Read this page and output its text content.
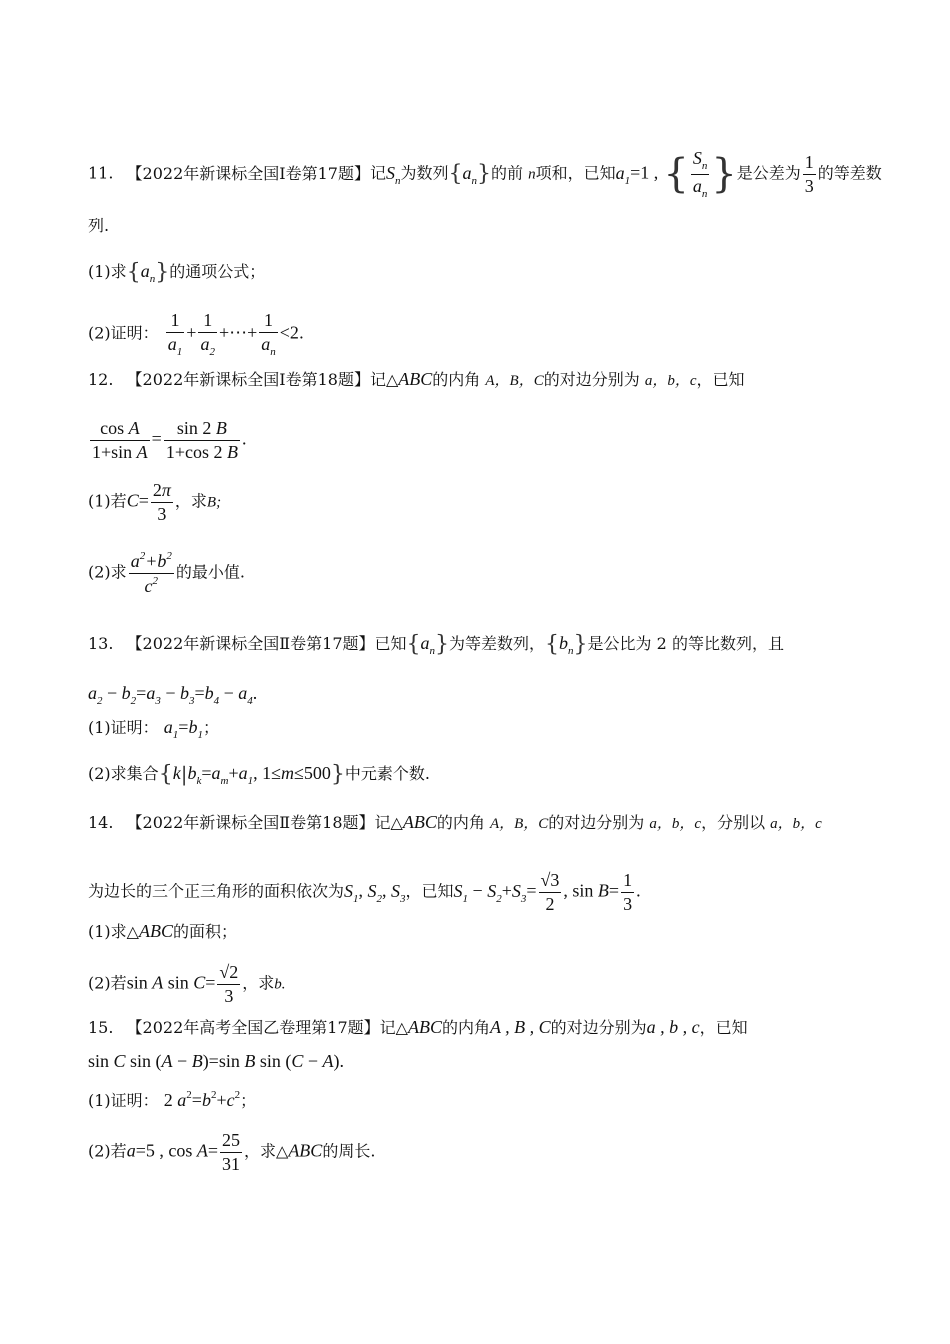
11. 【2022年新课标全国Ⅰ卷第17题】记$S_n$为数列$\{a_n\}$的前 n项和，已知$a_1=1$ , { $\frac{S_n}{a_n}$ }是公差为 $\frac{1}{3}$ 的等差数
列.
(1)求$\{a_n\}$的通项公式；
(2)证明： $\frac{1}{a_1} + \frac{1}{a_2}$ +⋯+ $\frac{1}{a_n} <2$.
12. 【2022年新课标全国Ⅰ卷第18题】记△ABC的内角 A，B，C的对边分别为 a，b，c，已知
$\frac{\text{cos A}}{\text{1+sin A}} = \frac{\sin 2 B}{1+\cos 2 B}$ .
(1)若$C= \frac{2\pi}{3}$ ，求B;
(2)求 $\frac{a^2+b^2}{c^2}$ 的最小值.
13. 【2022年新课标全国Ⅱ卷第17题】已知$\{a_n\}$为等差数列，$\{b_n\}$是公比为 2 的等比数列，且
$a_2 - b_2=a_3 - b_3=b_4 - a_4$.
(1)证明： $a_1=b_1$；
(2)求集合{$k|b_k=a_m+a_1$, 1≤m≤500}中元素个数.
14. 【2022年新课标全国Ⅱ卷第18题】记△ABC的内角 A，B，C的对边分别为 a，b，c，分别以 a，b，c
为边长的三个正三角形的面积依次为$S_1$, $S_2$, $S_3$，已知$S_1 - S_2+S_3= \frac{√3}{2}$ , $\sin B= \frac{1}{3}$ .
(1)求△ABC的面积；
(2)若sin A $\sin C= \frac{√2}{3}$ ，求b.
15. 【2022年高考全国乙卷理第17题】记△ABC的内角A , B , C的对边分别为a , b , c，已知
sin C sin (A − B)=sin B sin (C − A).
(1)证明： 2 $a^2=b^2+c^2$；
(2)若a=5 , $\cos A= \frac{25}{31}$ ，求△ABC的周长.
